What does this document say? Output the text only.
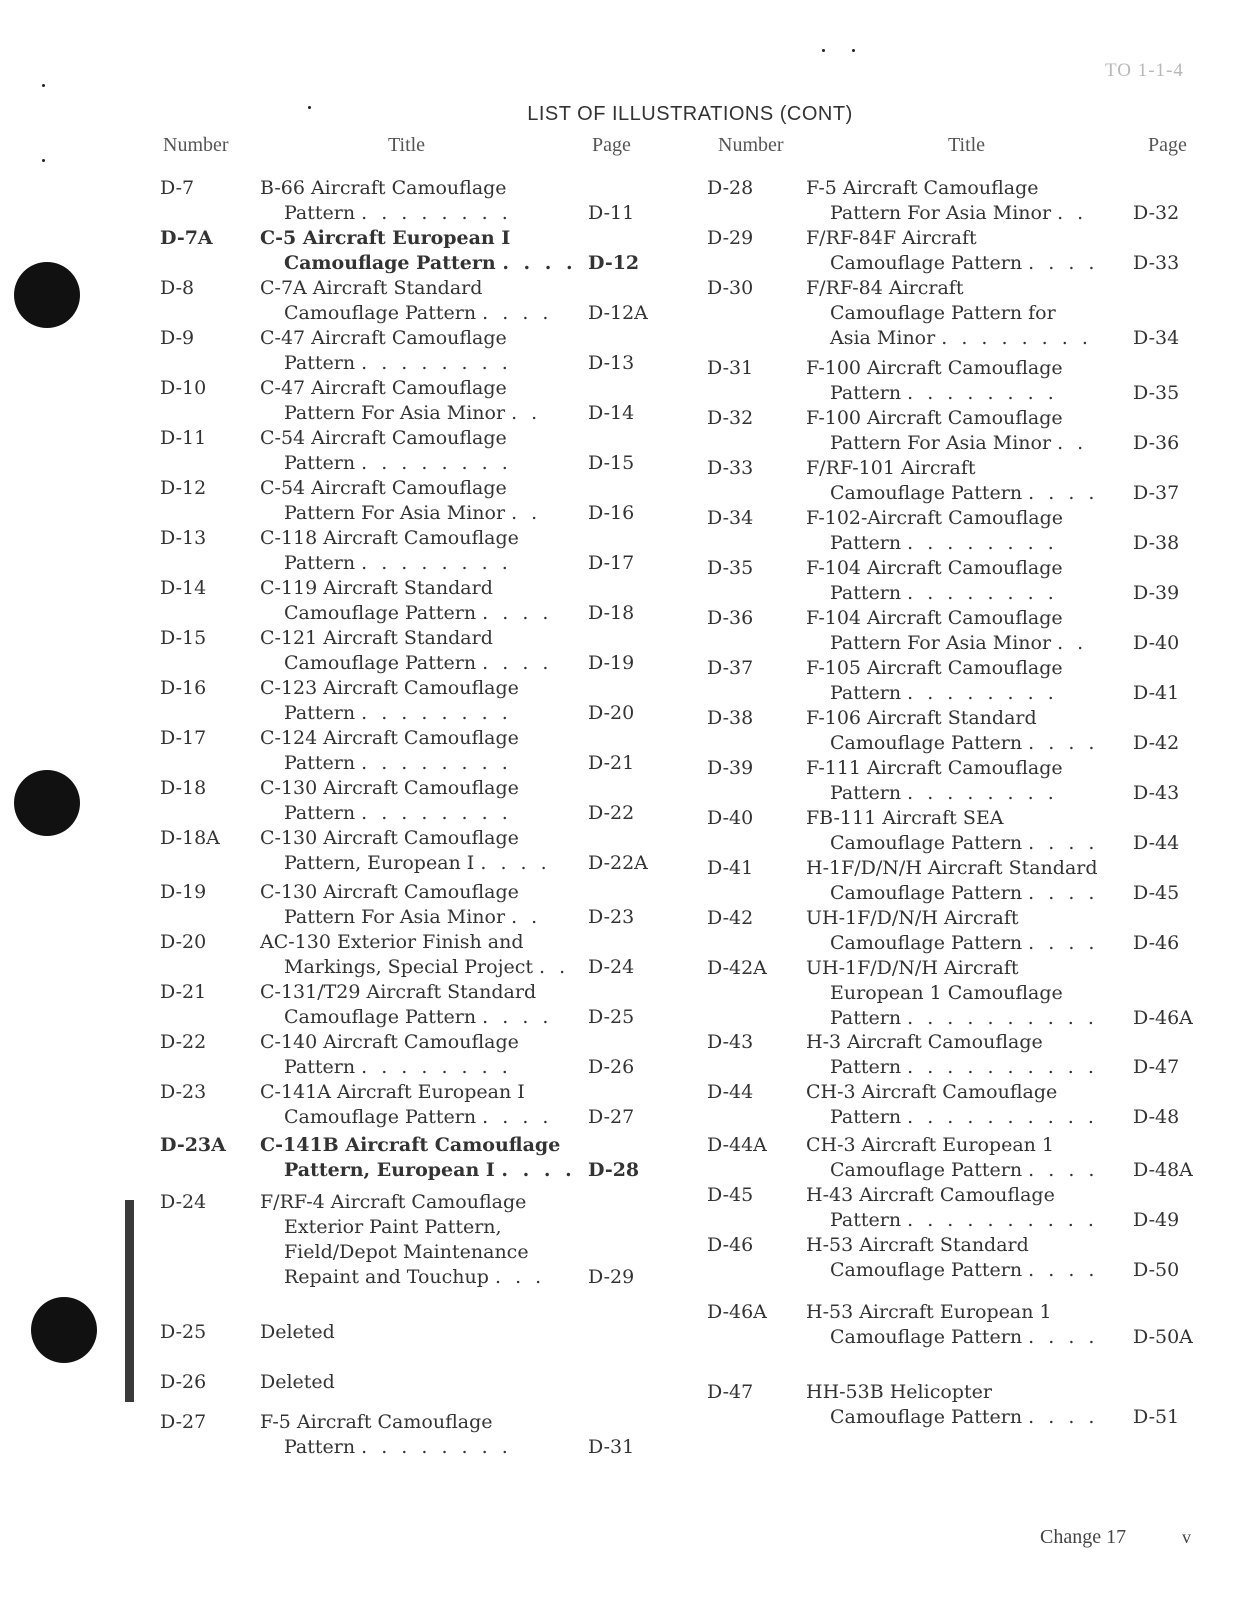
TO 1-1-4
LIST OF ILLUSTRATIONS (CONT)
Number	Title	Page	Number	Title	Page
D-7	B-66 Aircraft Camouflage
Pattern . . . . . . . .	D-11
D-7A C-5 Aircraft European I
Camouflage Pattern . . . . D-12
D-8	C-7A Aircraft Standard
Camouflage Pattern . . . . D-12A
D-9	C-47 Aircraft Camouflage
Pattern . . . . . . . .	D-13
D-10	C-47 Aircraft Camouflage
Pattern For Asia Minor . . D-14
D-11	C-54 Aircraft Camouflage
Pattern . . . . . . . .	D-15
D-12	C-54 Aircraft Camouflage
Pattern For Asia Minor . . D-16
D-13	C-118 Aircraft Camouflage
Pattern . . . . . . . .	D-17
D-14	C-119 Aircraft Standard
Camouflage Pattern . . . . D-18
D-15	C-121 Aircraft Standard
Camouflage Pattern . . . . D-19
D-16	C-123 Aircraft Camouflage
Pattern . . . . . . . .	D-20
D-17	C-124 Aircraft Camouflage
Pattern . . . . . . . .	D-21
D-18	C-130 Aircraft Camouflage
Pattern . . . . . . . .	D-22
D-18A C-130 Aircraft Camouflage
Pattern, European I . . . . D-22A
D-19	C-130 Aircraft Camouflage
Pattern For Asia Minor . . D-23
D-20	AC-130 Exterior Finish and
Markings, Special Project . . D-24
D-21	C-131/T29 Aircraft Standard
Camouflage Pattern . . . . D-25
D-22	C-140 Aircraft Camouflage
Pattern . . . . . . . .	D-26
D-23	C-141A Aircraft European I
Camouflage Pattern . . . . D-27
D-23A C-141B Aircraft Camouflage
Pattern, European I . . . . D-28
D-24	F/RF-4 Aircraft Camouflage
Exterior Paint Pattern,
Field/Depot Maintenance
Repaint and Touchup . . . D-29
D-25	Deleted
D-26	Deleted
D-27	F-5 Aircraft Camouflage
Pattern . . . . . . . .	D-31
D-28	F-5 Aircraft Camouflage
Pattern For Asia Minor . . D-32
D-29	F/RF-84F Aircraft
Camouflage Pattern . . . . D-33
D-30	F/RF-84 Aircraft
Camouflage Pattern for
Asia Minor . . . . . . . . D-34
D-31	F-100 Aircraft Camouflage
Pattern . . . . . . . .	D-35
D-32	F-100 Aircraft Camouflage
Pattern For Asia Minor . . D-36
D-33	F/RF-101 Aircraft
Camouflage Pattern . . . . D-37
D-34	F-102-Aircraft Camouflage
Pattern . . . . . . . .	D-38
D-35	F-104 Aircraft Camouflage
Pattern . . . . . . . .	D-39
D-36	F-104 Aircraft Camouflage
Pattern For Asia Minor . . D-40
D-37	F-105 Aircraft Camouflage
Pattern . . . . . . . .	D-41
D-38	F-106 Aircraft Standard
Camouflage Pattern . . . . D-42
D-39	F-111 Aircraft Camouflage
Pattern . . . . . . . .	D-43
D-40	FB-111 Aircraft SEA
Camouflage Pattern . . . . D-44
D-41	H-1F/D/N/H Aircraft Standard
Camouflage Pattern . . . . D-45
D-42	UH-1F/D/N/H Aircraft
Camouflage Pattern . . . . D-46
D-42A UH-1F/D/N/H Aircraft
European 1 Camouflage
Pattern . . . . . . . . . . D-46A
D-43	H-3 Aircraft Camouflage
Pattern . . . . . . . . . . D-47
D-44	CH-3 Aircraft Camouflage
Pattern . . . . . . . . . . D-48
D-44A CH-3 Aircraft European 1
Camouflage Pattern . . . . D-48A
D-45	H-43 Aircraft Camouflage
Pattern . . . . . . . . . . D-49
D-46	H-53 Aircraft Standard
Camouflage Pattern . . . . D-50
D-46A H-53 Aircraft European 1
Camouflage Pattern . . . . D-50A
D-47	HH-53B Helicopter
Camouflage Pattern . . . . D-51
Change 17	v
